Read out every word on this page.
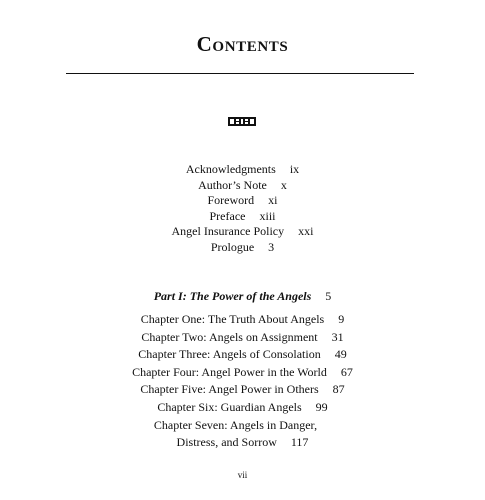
Contents
Acknowledgments ix
Author’s Note x
Foreword xi
Preface xiii
Angel Insurance Policy xxi
Prologue 3
Part I: The Power of the Angels 5
Chapter One: The Truth About Angels 9
Chapter Two: Angels on Assignment 31
Chapter Three: Angels of Consolation 49
Chapter Four: Angel Power in the World 67
Chapter Five: Angel Power in Others 87
Chapter Six: Guardian Angels 99
Chapter Seven: Angels in Danger,
Distress, and Sorrow 117
vii
